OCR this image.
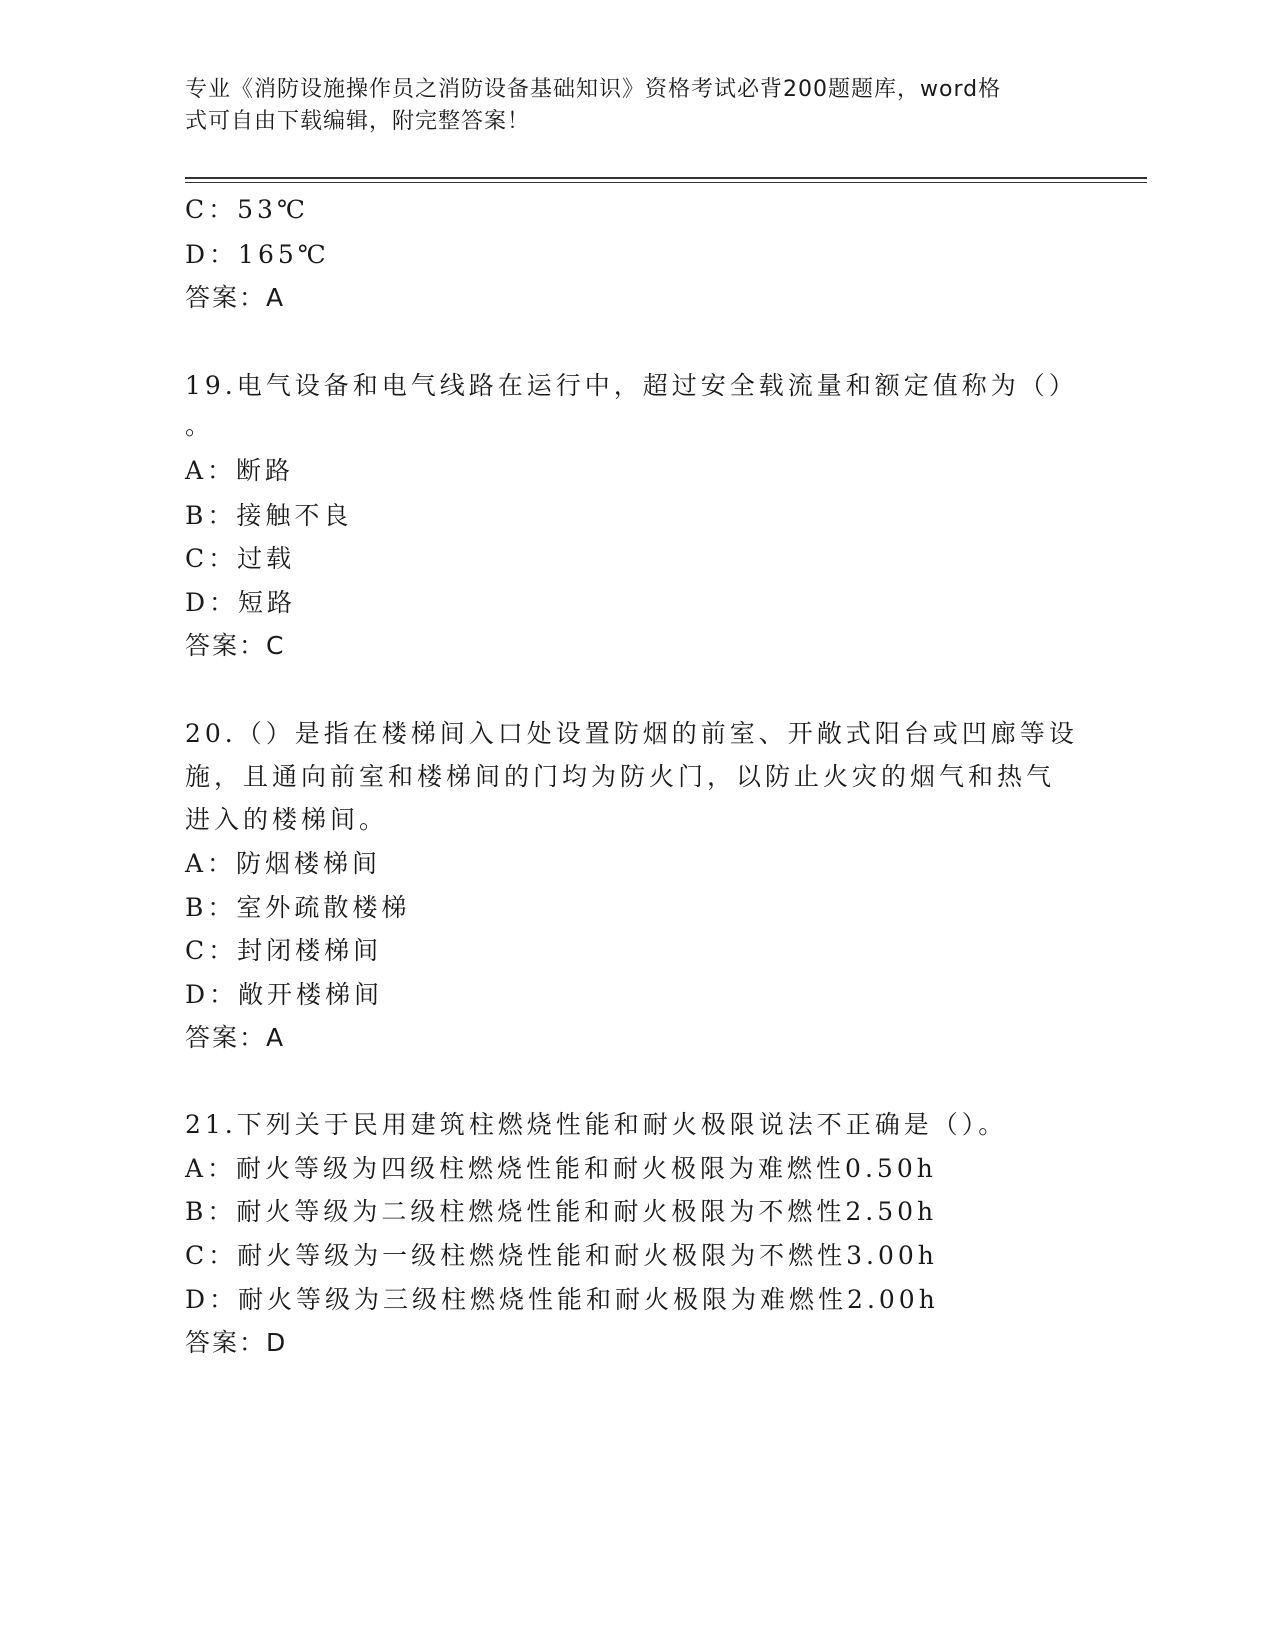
专业《消防设施操作员之消防设备基础知识》资格考试必背200题题库，word格
式可自由下载编辑，附完整答案！
C：53℃
D：165℃
答案：A
19.电气设备和电气线路在运行中，超过安全载流量和额定值称为（）
。
A：断路
B：接触不良
C：过载
D：短路
答案：C
20.（）是指在楼梯间入口处设置防烟的前室、开敞式阳台或凹廊等设
施，且通向前室和楼梯间的门均为防火门，以防止火灾的烟气和热气
进入的楼梯间。
A：防烟楼梯间
B：室外疏散楼梯
C：封闭楼梯间
D：敞开楼梯间
答案：A
21.下列关于民用建筑柱燃烧性能和耐火极限说法不正确是（）。
A：耐火等级为四级柱燃烧性能和耐火极限为难燃性0.50h
B：耐火等级为二级柱燃烧性能和耐火极限为不燃性2.50h
C：耐火等级为一级柱燃烧性能和耐火极限为不燃性3.00h
D：耐火等级为三级柱燃烧性能和耐火极限为难燃性2.00h
答案：D
